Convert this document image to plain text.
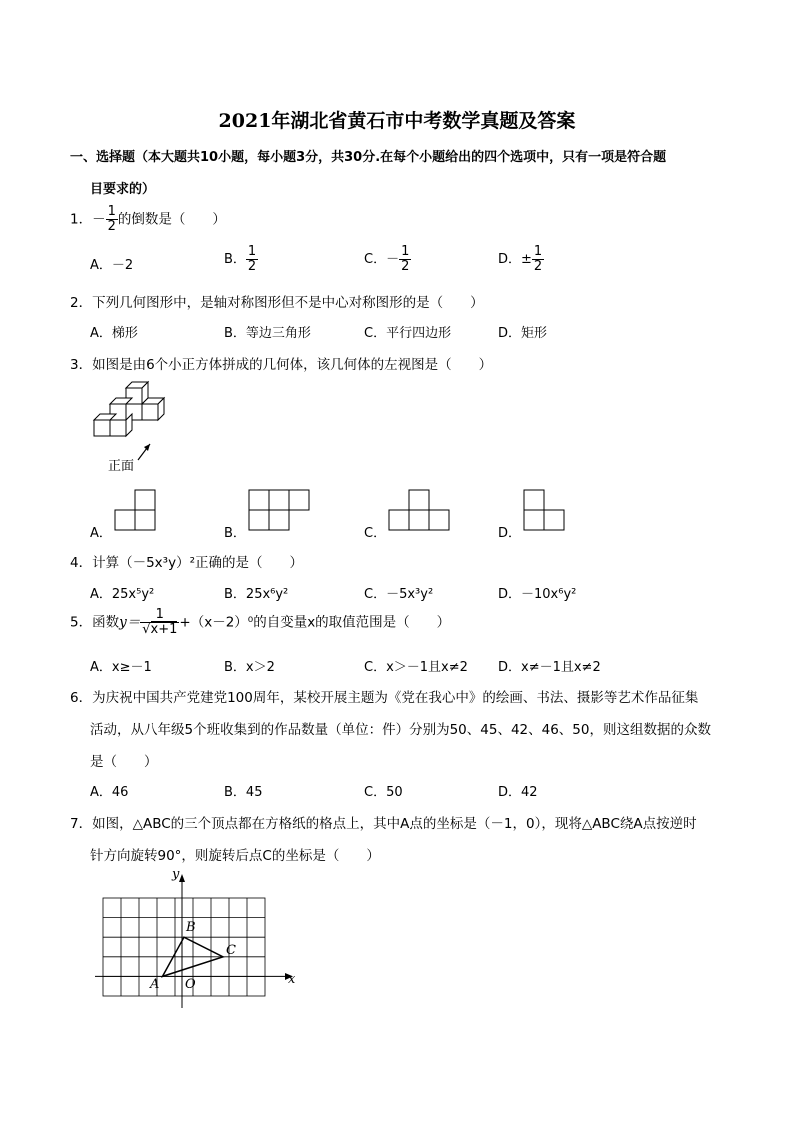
2021年湖北省黄石市中考数学真题及答案
一、选择题（本大题共10小题，每小题3分，共30分.在每个小题给出的四个选项中，只有一项是符合题
目要求的）
1．－ $\frac{1}{2}$ 的倒数是（　　）
A．－2	B． $\frac{1}{2}$	C．－ $\frac{1}{2}$	D．± $\frac{1}{2}$
2．下列几何图形中，是轴对称图形但不是中心对称图形的是（　　）
A．梯形	B．等边三角形	C．平行四边形	D．矩形
3．如图是由6个小正方体拼成的几何体，该几何体的左视图是（　　）
正面
A．	B．	C．	D．
4．计算（－5x³y）²正确的是（　　）
A．25x⁵y²	B．25x⁶y²	C．－5x³y²	D．－10x⁶y²
5．函数$y= \frac{1}{√x+1} +(x-2)^0$的自变量x的取值范围是（　　）
A．x≥－1	B．x＞2	C．x＞－1且x≠2 D．x≠－1且x≠2
6．为庆祝中国共产党建党100周年，某校开展主题为《党在我心中》的绘画、书法、摄影等艺术作品征集
活动，从八年级5个班收集到的作品数量（单位：件）分别为50、45、42、46、50，则这组数据的众数
是（　　）
A．46	B．45	C．50	D．42
7．如图，△ABC的三个顶点都在方格纸的格点上，其中A点的坐标是（－1，0），现将△ABC绕A点按逆时
针方向旋转90°，则旋转后点C的坐标是（　　）
y
x
A
B
C
O
